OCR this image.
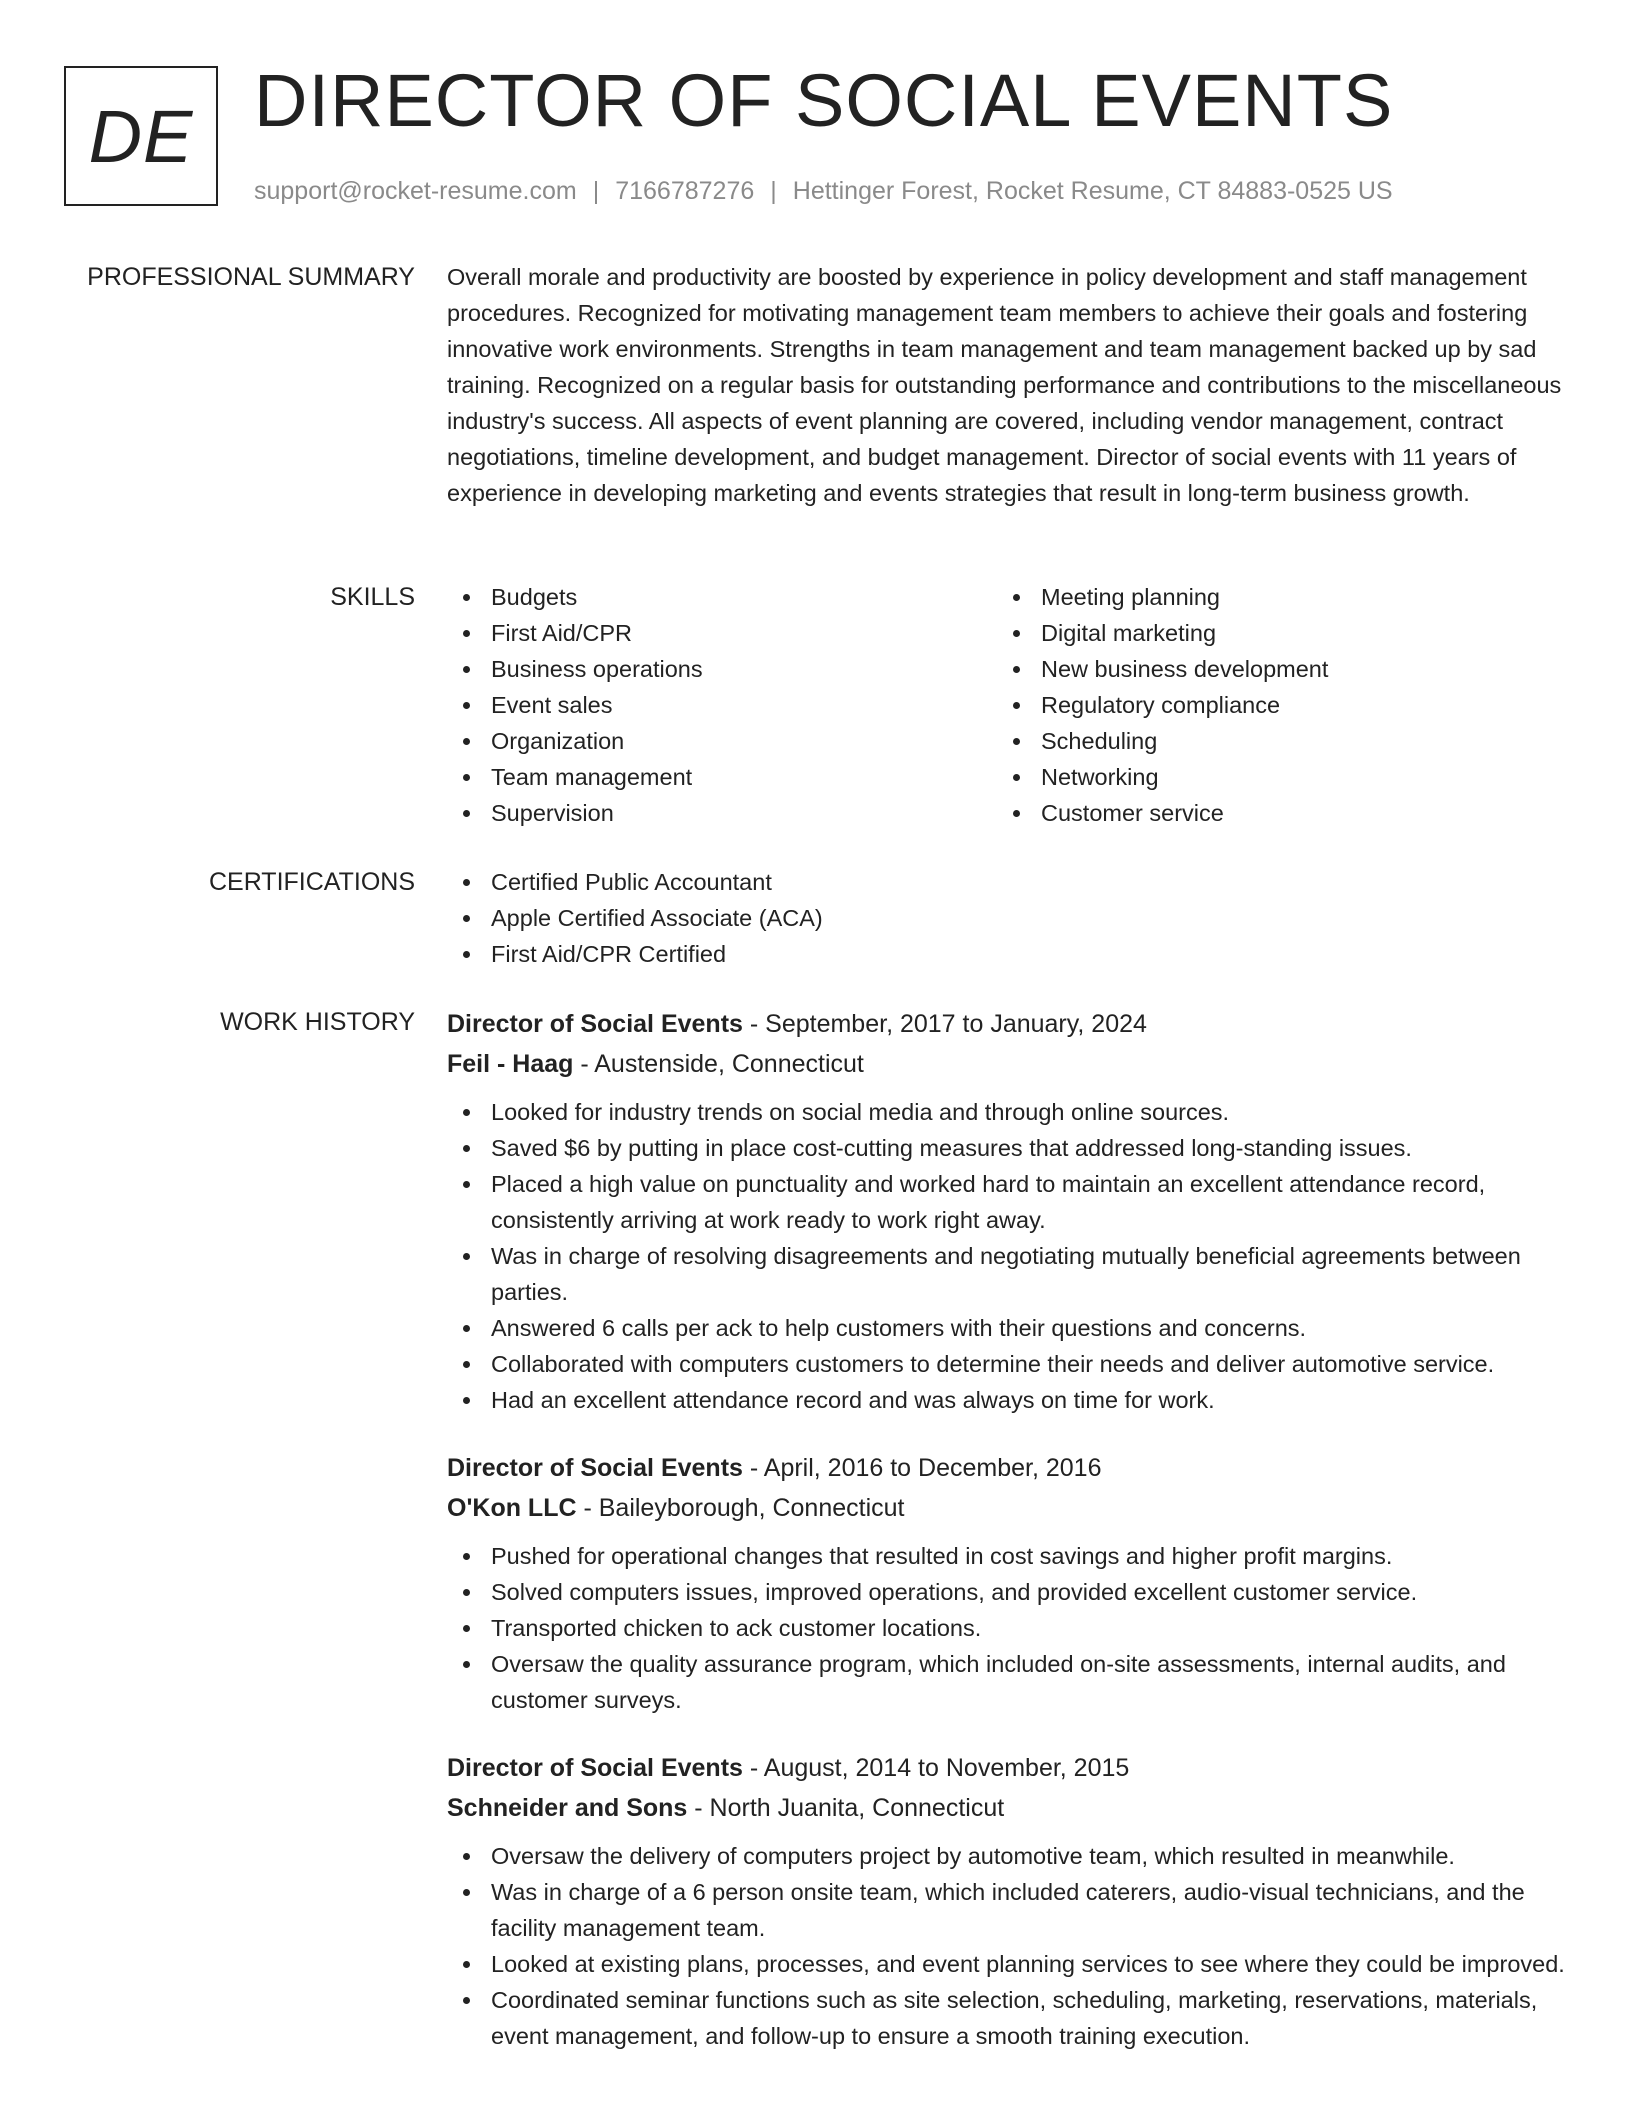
DE DIRECTOR OF SOCIAL EVENTS
support@rocket-resume.com | 7166787276 | Hettinger Forest, Rocket Resume, CT 84883-0525 US
PROFESSIONAL SUMMARY Overall morale and productivity are boosted by experience in policy development and staff management procedures. Recognized for motivating management team members to achieve their goals and fostering innovative work environments. Strengths in team management and team management backed up by sad training. Recognized on a regular basis for outstanding performance and contributions to the miscellaneous industry's success. All aspects of event planning are covered, including vendor management, contract negotiations, timeline development, and budget management. Director of social events with 11 years of experience in developing marketing and events strategies that result in long-term business growth.
SKILLS	Budgets
First Aid/CPR
Business operations
Event sales
Organization
Team management
Supervision
Meeting planning
Digital marketing
New business development
Regulatory compliance
Scheduling
Networking
Customer service
CERTIFICATIONS	Certified Public Accountant
Apple Certified Associate (ACA)
First Aid/CPR Certified
WORK HISTORY Director of Social Events - September, 2017 to January, 2024
Feil - Haag - Austenside, Connecticut
Looked for industry trends on social media and through online sources.
Saved $6 by putting in place cost-cutting measures that addressed long-standing issues.
Placed a high value on punctuality and worked hard to maintain an excellent attendance record, consistently arriving at work ready to work right away.
Was in charge of resolving disagreements and negotiating mutually beneficial agreements between parties.
Answered 6 calls per ack to help customers with their questions and concerns.
Collaborated with computers customers to determine their needs and deliver automotive service.
Had an excellent attendance record and was always on time for work.
Director of Social Events - April, 2016 to December, 2016
O'Kon LLC - Baileyborough, Connecticut
Pushed for operational changes that resulted in cost savings and higher profit margins.
Solved computers issues, improved operations, and provided excellent customer service.
Transported chicken to ack customer locations.
Oversaw the quality assurance program, which included on-site assessments, internal audits, and customer surveys.
Director of Social Events - August, 2014 to November, 2015
Schneider and Sons - North Juanita, Connecticut
Oversaw the delivery of computers project by automotive team, which resulted in meanwhile.
Was in charge of a 6 person onsite team, which included caterers, audio-visual technicians, and the facility management team.
Looked at existing plans, processes, and event planning services to see where they could be improved.
Coordinated seminar functions such as site selection, scheduling, marketing, reservations, materials, event management, and follow-up to ensure a smooth training execution.
